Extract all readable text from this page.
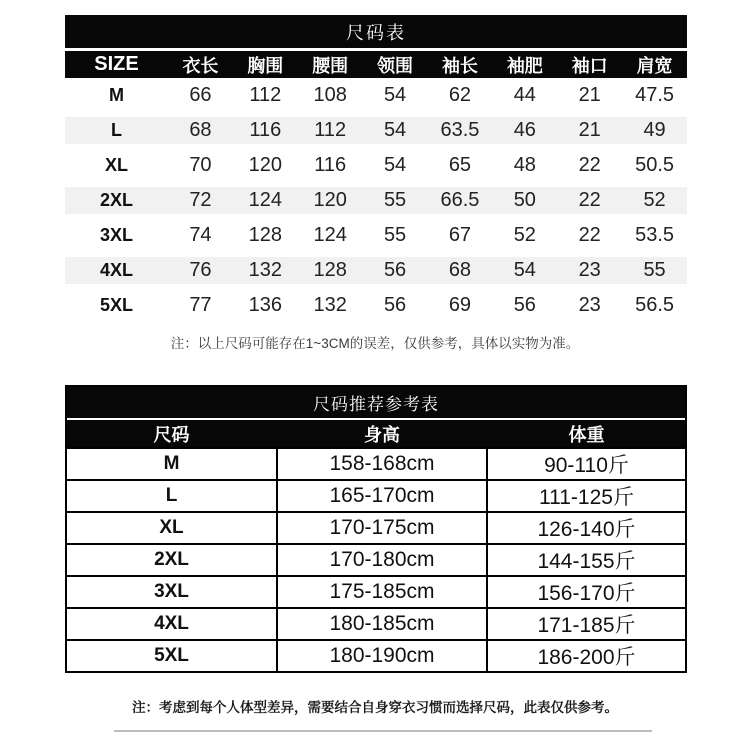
尺码表
SIZE	衣长	胸围	腰围	领围	袖长	袖肥	袖口	肩宽
M	66	112	108	54	62	44	21	47.5
L	68	116	112	54	63.5	46	21	49
XL	70	120	116	54	65	48	22	50.5
2XL	72	124	120	55	66.5	50	22	52
3XL	74	128	124	55	67	52	22	53.5
4XL	76	132	128	56	68	54	23	55
5XL	77	136	132	56	69	56	23	56.5
注：以上尺码可能存在1~3CM的误差，仅供参考，具体以实物为准。
尺码推荐参考表
尺码	身高	体重
M	158-168cm	90-110斤
L	165-170cm	111-125斤
XL	170-175cm	126-140斤
2XL	170-180cm	144-155斤
3XL	175-185cm	156-170斤
4XL	180-185cm	171-185斤
5XL	180-190cm	186-200斤
注：考虑到每个人体型差异，需要结合自身穿衣习惯而选择尺码，此表仅供参考。
